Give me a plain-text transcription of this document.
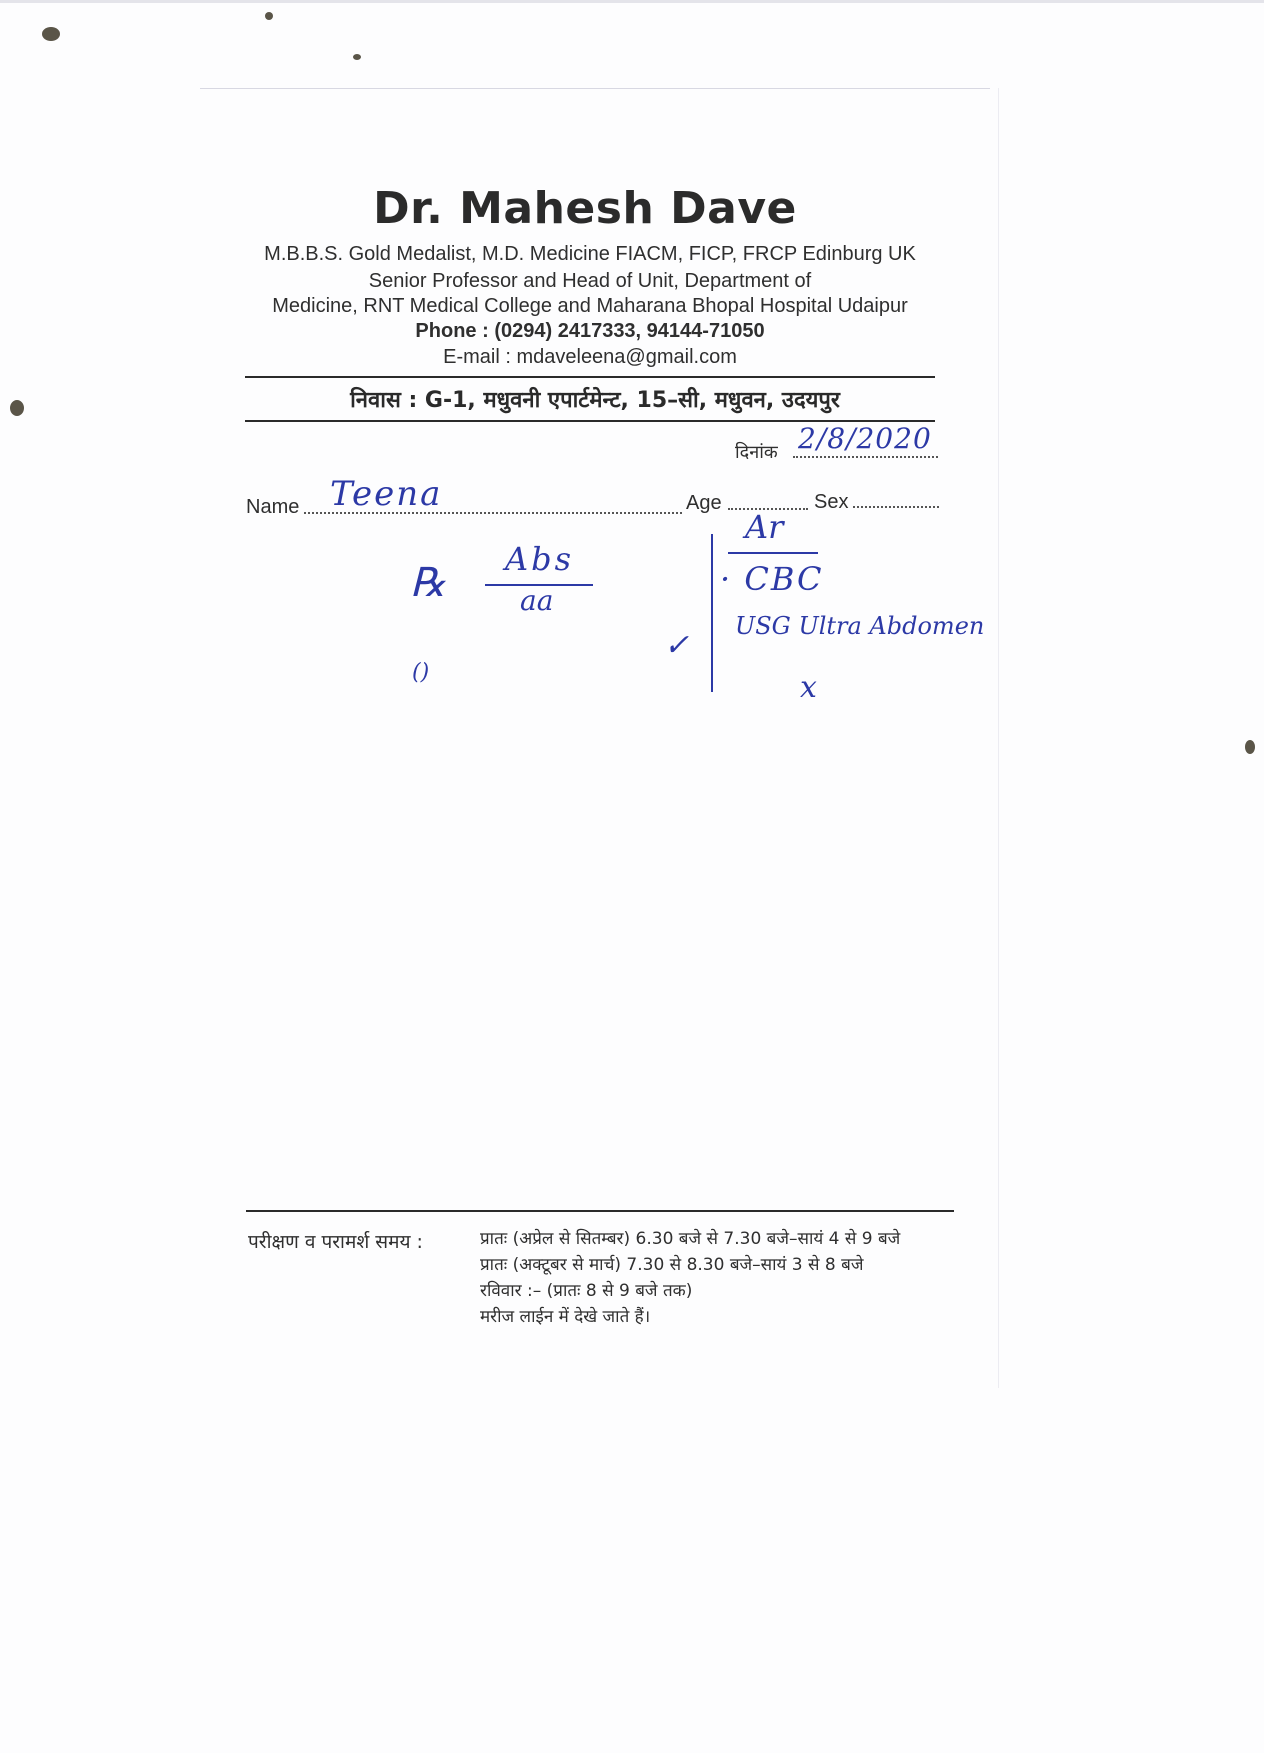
Dr. Mahesh Dave
M.B.B.S. Gold Medalist, M.D. Medicine FIACM, FICP, FRCP Edinburg UK
Senior Professor and Head of Unit, Department of
Medicine, RNT Medical College and Maharana Bhopal Hospital Udaipur
Phone : (0294) 2417333, 94144-71050
E-mail : mdaveleena@gmail.com
निवास : G-1, मधुवनी एपार्टमेन्ट, 15–सी, मधुवन, उदयपुर
दिनांक 2/8/2020
Name Teena	Age	Sex
℞
Abs
aa
()
✓
Ar
· CBC
USG Ultra Abdomen
x
परीक्षण व परामर्श समय :	प्रातः (अप्रेल से सितम्बर) 6.30 बजे से 7.30 बजे–सायं 4 से 9 बजे
प्रातः (अक्टूबर से मार्च) 7.30 से 8.30 बजे–सायं 3 से 8 बजे
रविवार :– (प्रातः 8 से 9 बजे तक)
मरीज लाईन में देखे जाते हैं।
